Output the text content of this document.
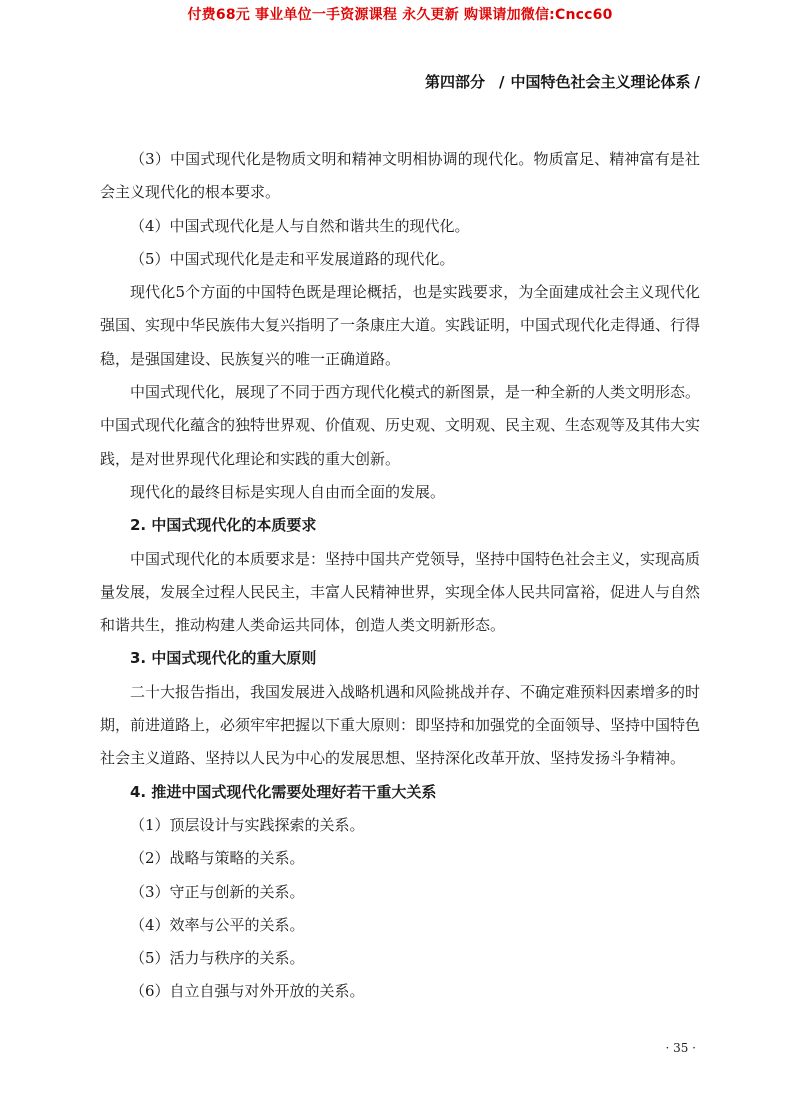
付费68元 事业单位一手资源课程 永久更新 购课请加微信:Cncc60
第四部分 / 中国特色社会主义理论体系 /

（3）中国式现代化是物质文明和精神文明相协调的现代化。物质富足、精神富有是社会主义现代化的根本要求。

（4）中国式现代化是人与自然和谐共生的现代化。

（5）中国式现代化是走和平发展道路的现代化。

现代化5个方面的中国特色既是理论概括，也是实践要求，为全面建成社会主义现代化强国、实现中华民族伟大复兴指明了一条康庄大道。实践证明，中国式现代化走得通、行得稳，是强国建设、民族复兴的唯一正确道路。

中国式现代化，展现了不同于西方现代化模式的新图景，是一种全新的人类文明形态。中国式现代化蕴含的独特世界观、价值观、历史观、文明观、民主观、生态观等及其伟大实践，是对世界现代化理论和实践的重大创新。

现代化的最终目标是实现人自由而全面的发展。

2. 中国式现代化的本质要求

中国式现代化的本质要求是：坚持中国共产党领导，坚持中国特色社会主义，实现高质量发展，发展全过程人民民主，丰富人民精神世界，实现全体人民共同富裕，促进人与自然和谐共生，推动构建人类命运共同体，创造人类文明新形态。

3. 中国式现代化的重大原则

二十大报告指出，我国发展进入战略机遇和风险挑战并存、不确定难预料因素增多的时期，前进道路上，必须牢牢把握以下重大原则：即坚持和加强党的全面领导、坚持中国特色社会主义道路、坚持以人民为中心的发展思想、坚持深化改革开放、坚持发扬斗争精神。

4. 推进中国式现代化需要处理好若干重大关系

（1）顶层设计与实践探索的关系。

（2）战略与策略的关系。

（3）守正与创新的关系。

（4）效率与公平的关系。

（5）活力与秩序的关系。

（6）自立自强与对外开放的关系。

· 35 ·
